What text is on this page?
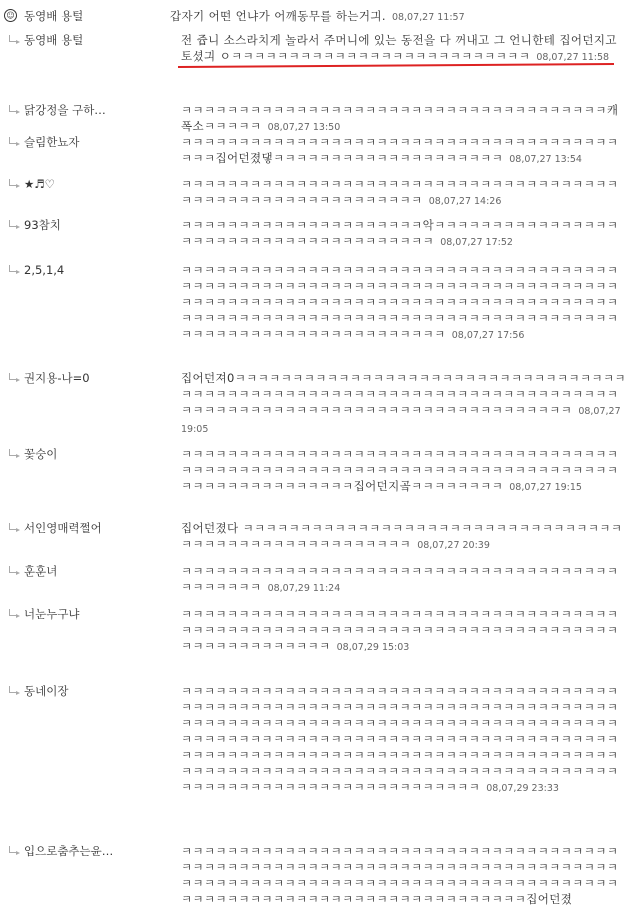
☺ 동영배 용털	갑자기 어떤 언냐가 어깨동무를 하는거긔. 08,07,27 11:57
동영배 용털	전 쥽니 소스라치게 놀라서 주머니에 있는 동전을 다 꺼내고 그 언니한테 집어던지고 토셨긔 ㅇㅋㅋㅋㅋㅋㅋㅋㅋㅋㅋㅋㅋㅋㅋㅋㅋㅋㅋㅋㅋㅋㅋㅋㅋㅋㅋ 08,07,27 11:58
닭강정을 구하…	ㅋㅋㅋㅋㅋㅋㅋㅋㅋㅋㅋㅋㅋㅋㅋㅋㅋㅋㅋㅋㅋㅋㅋㅋㅋㅋㅋㅋㅋㅋㅋㅋㅋㅋㅋㅋㅋ캐폭소ㅋㅋㅋㅋㅋ 08,07,27 13:50
슬림한뇨자	ㅋㅋㅋㅋㅋㅋㅋㅋㅋㅋㅋㅋㅋㅋㅋㅋㅋㅋㅋㅋㅋㅋㅋㅋㅋㅋㅋㅋㅋㅋㅋㅋㅋㅋㅋㅋㅋㅋㅋㅋㅋ집어던졌댛ㅋㅋㅋㅋㅋㅋㅋㅋㅋㅋㅋㅋㅋㅋㅋㅋㅋㅋㅋㅋ 08,07,27 13:54
★♬♡	ㅋㅋㅋㅋㅋㅋㅋㅋㅋㅋㅋㅋㅋㅋㅋㅋㅋㅋㅋㅋㅋㅋㅋㅋㅋㅋㅋㅋㅋㅋㅋㅋㅋㅋㅋㅋㅋㅋㅋㅋㅋㅋㅋㅋㅋㅋㅋㅋㅋㅋㅋㅋㅋㅋㅋㅋㅋㅋㅋ 08,07,27 14:26
93참치	ㅋㅋㅋㅋㅋㅋㅋㅋㅋㅋㅋㅋㅋㅋㅋㅋㅋㅋㅋㅋㅋ악ㅋㅋㅋㅋㅋㅋㅋㅋㅋㅋㅋㅋㅋㅋㅋㅋㅋㅋㅋㅋㅋㅋㅋㅋㅋㅋㅋㅋㅋㅋㅋㅋㅋㅋㅋㅋㅋㅋ 08,07,27 17:52
2,5,1,4	ㅋㅋㅋㅋㅋㅋㅋㅋㅋㅋㅋㅋㅋㅋㅋㅋㅋㅋㅋㅋㅋㅋㅋㅋㅋㅋㅋㅋㅋㅋㅋㅋㅋㅋㅋㅋㅋㅋㅋㅋㅋㅋㅋㅋㅋㅋㅋㅋㅋㅋㅋㅋㅋㅋㅋㅋㅋㅋㅋㅋㅋㅋㅋㅋㅋㅋㅋㅋㅋㅋㅋㅋㅋㅋㅋㅋㅋㅋㅋㅋㅋㅋㅋㅋㅋㅋㅋㅋㅋㅋㅋㅋㅋㅋㅋㅋㅋㅋㅋㅋㅋㅋㅋㅋㅋㅋㅋㅋㅋㅋㅋㅋㅋㅋㅋㅋㅋㅋㅋㅋㅋㅋㅋㅋㅋㅋㅋㅋㅋㅋㅋㅋㅋㅋㅋㅋㅋㅋㅋㅋㅋㅋㅋㅋㅋㅋㅋㅋㅋㅋㅋㅋㅋㅋㅋㅋㅋㅋㅋㅋㅋㅋㅋㅋㅋㅋㅋㅋㅋㅋㅋㅋㅋㅋㅋ 08,07,27 17:56
권지용-나=0	집어던져0ㅋㅋㅋㅋㅋㅋㅋㅋㅋㅋㅋㅋㅋㅋㅋㅋㅋㅋㅋㅋㅋㅋㅋㅋㅋㅋㅋㅋㅋㅋㅋㅋㅋㅋㅋㅋㅋㅋㅋㅋㅋㅋㅋㅋㅋㅋㅋㅋㅋㅋㅋㅋㅋㅋㅋㅋㅋㅋㅋㅋㅋㅋㅋㅋㅋㅋㅋㅋㅋㅋㅋㅋㅋㅋㅋㅋㅋㅋㅋㅋㅋㅋㅋㅋㅋㅋㅋㅋㅋㅋㅋㅋㅋㅋㅋㅋㅋㅋㅋㅋㅋㅋㅋㅋㅋㅋ 08,07,27 19:05
꽃숭이	ㅋㅋㅋㅋㅋㅋㅋㅋㅋㅋㅋㅋㅋㅋㅋㅋㅋㅋㅋㅋㅋㅋㅋㅋㅋㅋㅋㅋㅋㅋㅋㅋㅋㅋㅋㅋㅋㅋㅋㅋㅋㅋㅋㅋㅋㅋㅋㅋㅋㅋㅋㅋㅋㅋㅋㅋㅋㅋㅋㅋㅋㅋㅋㅋㅋㅋㅋㅋㅋㅋㅋㅋㅋㅋㅋㅋㅋㅋㅋㅋㅋㅋㅋㅋㅋㅋㅋㅋㅋㅋㅋ집어던지곸ㅋㅋㅋㅋㅋㅋㅋㅋ 08,07,27 19:15
서인영매력쩔어	집어던졌다 ㅋㅋㅋㅋㅋㅋㅋㅋㅋㅋㅋㅋㅋㅋㅋㅋㅋㅋㅋㅋㅋㅋㅋㅋㅋㅋㅋㅋㅋㅋㅋㅋㅋㅋㅋㅋㅋㅋㅋㅋㅋㅋㅋㅋㅋㅋㅋㅋㅋㅋㅋㅋㅋ 08,07,27 20:39
훈훈녀	ㅋㅋㅋㅋㅋㅋㅋㅋㅋㅋㅋㅋㅋㅋㅋㅋㅋㅋㅋㅋㅋㅋㅋㅋㅋㅋㅋㅋㅋㅋㅋㅋㅋㅋㅋㅋㅋㅋㅋㅋㅋㅋㅋㅋㅋ 08,07,29 11:24
너눈누구냐	ㅋㅋㅋㅋㅋㅋㅋㅋㅋㅋㅋㅋㅋㅋㅋㅋㅋㅋㅋㅋㅋㅋㅋㅋㅋㅋㅋㅋㅋㅋㅋㅋㅋㅋㅋㅋㅋㅋㅋㅋㅋㅋㅋㅋㅋㅋㅋㅋㅋㅋㅋㅋㅋㅋㅋㅋㅋㅋㅋㅋㅋㅋㅋㅋㅋㅋㅋㅋㅋㅋㅋㅋㅋㅋㅋㅋㅋㅋㅋㅋㅋㅋㅋㅋㅋㅋㅋㅋㅋ 08,07,29 15:03
동네이장	ㅋㅋㅋㅋㅋㅋㅋㅋㅋㅋㅋㅋㅋㅋㅋㅋㅋㅋㅋㅋㅋㅋㅋㅋㅋㅋㅋㅋㅋㅋㅋㅋㅋㅋㅋㅋㅋㅋㅋㅋㅋㅋㅋㅋㅋㅋㅋㅋㅋㅋㅋㅋㅋㅋㅋㅋㅋㅋㅋㅋㅋㅋㅋㅋㅋㅋㅋㅋㅋㅋㅋㅋㅋㅋㅋㅋㅋㅋㅋㅋㅋㅋㅋㅋㅋㅋㅋㅋㅋㅋㅋㅋㅋㅋㅋㅋㅋㅋㅋㅋㅋㅋㅋㅋㅋㅋㅋㅋㅋㅋㅋㅋㅋㅋㅋㅋㅋㅋㅋㅋㅋㅋㅋㅋㅋㅋㅋㅋㅋㅋㅋㅋㅋㅋㅋㅋㅋㅋㅋㅋㅋㅋㅋㅋㅋㅋㅋㅋㅋㅋㅋㅋㅋㅋㅋㅋㅋㅋㅋㅋㅋㅋㅋㅋㅋㅋㅋㅋㅋㅋㅋㅋㅋㅋㅋㅋㅋㅋㅋㅋㅋㅋㅋㅋㅋㅋㅋㅋㅋㅋㅋㅋㅋㅋㅋㅋㅋㅋㅋㅋㅋㅋㅋㅋㅋㅋㅋㅋㅋㅋㅋㅋㅋㅋㅋㅋㅋㅋㅋㅋㅋㅋㅋㅋㅋㅋㅋㅋㅋㅋㅋㅋㅋㅋㅋㅋㅋㅋㅋㅋㅋㅋㅋㅋㅋㅋㅋㅋㅋㅋㅋㅋㅋㅋ 08,07,29 23:33
입으로춤추는윤…	ㅋㅋㅋㅋㅋㅋㅋㅋㅋㅋㅋㅋㅋㅋㅋㅋㅋㅋㅋㅋㅋㅋㅋㅋㅋㅋㅋㅋㅋㅋㅋㅋㅋㅋㅋㅋㅋㅋㅋㅋㅋㅋㅋㅋㅋㅋㅋㅋㅋㅋㅋㅋㅋㅋㅋㅋㅋㅋㅋㅋㅋㅋㅋㅋㅋㅋㅋㅋㅋㅋㅋㅋㅋㅋㅋㅋㅋㅋㅋㅋㅋㅋㅋㅋㅋㅋㅋㅋㅋㅋㅋㅋㅋㅋㅋㅋㅋㅋㅋㅋㅋㅋㅋㅋㅋㅋㅋㅋㅋㅋㅋㅋㅋㅋㅋㅋㅋㅋㅋㅋㅋㅋㅋㅋㅋㅋㅋㅋㅋㅋㅋㅋㅋㅋㅋㅋㅋㅋㅋㅋㅋㅋㅋㅋ집어던졌
